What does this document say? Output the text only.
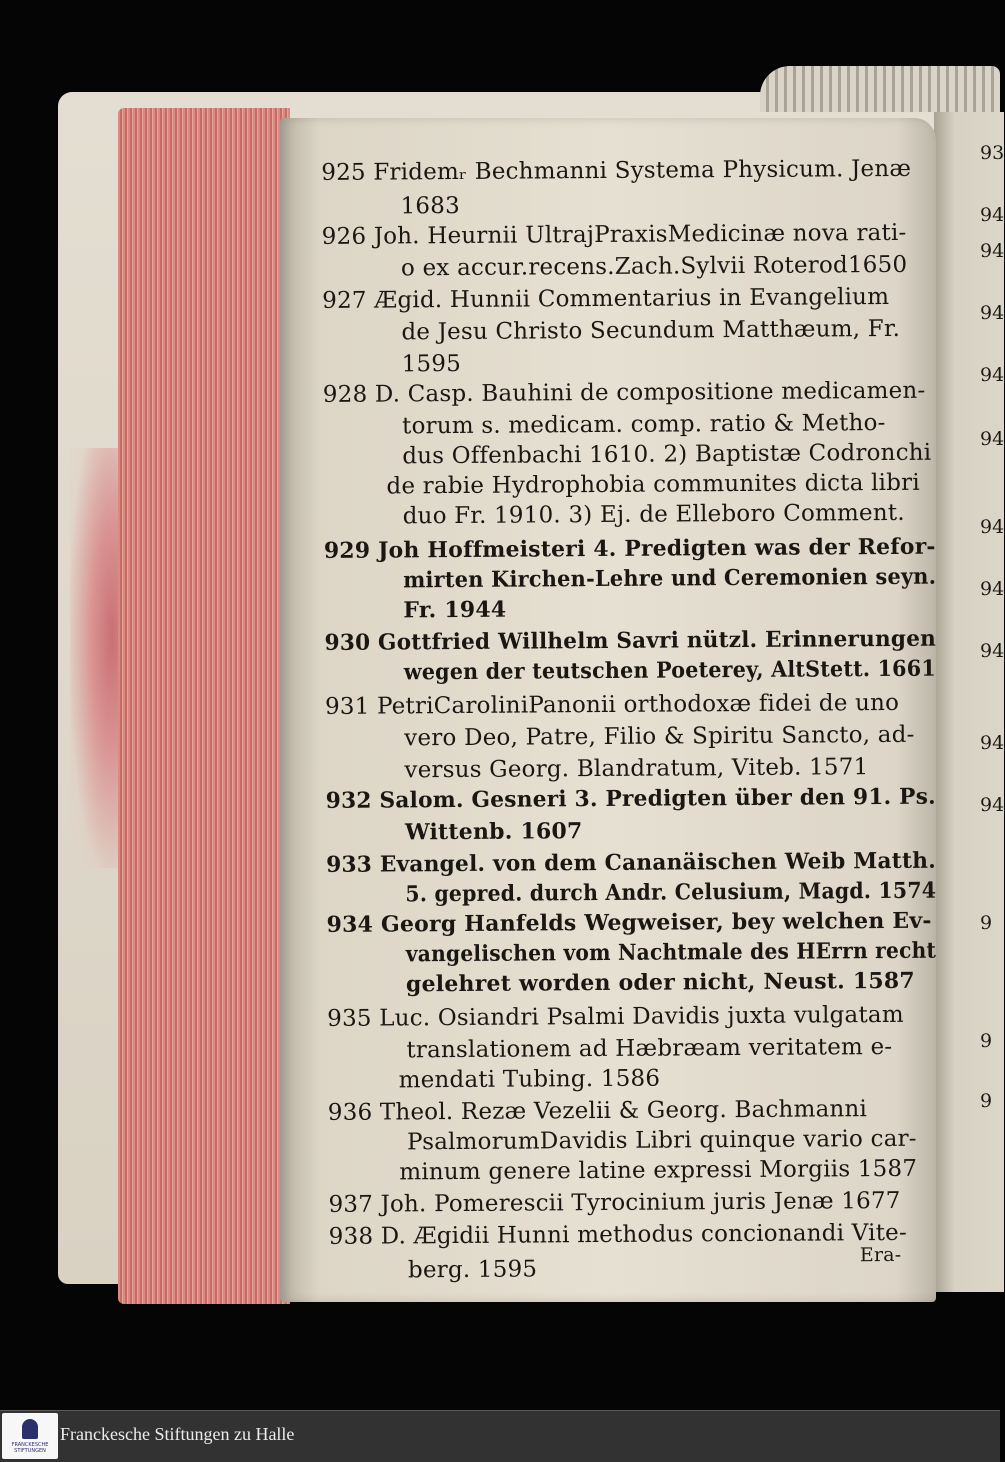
93
94
94
94
94
94
94
94
94
94
94
9
9
9
925 Fridemᵣ Bechmanni Systema Physicum. Jenæ
1683
926 Joh. Heurnii UltrajPraxisMedicinæ nova rati-
o ex accur.recens.Zach.Sylvii Roterod1650
927 Ægid. Hunnii Commentarius in Evangelium
de Jesu Christo Secundum Matthæum, Fr.
1595
928 D. Casp. Bauhini de compositione medicamen-
torum s. medicam. comp. ratio & Metho-
dus Offenbachi 1610. 2) Baptistæ Codronchi
de rabie Hydrophobia communites dicta libri
duo Fr. 1910. 3) Ej. de Elleboro Comment.
929 Joh Hoffmeisteri 4. Predigten was der Refor-
mirten Kirchen-Lehre und Ceremonien seyn.
Fr. 1944
930 Gottfried Willhelm Savri nützl. Erinnerungen
wegen der teutschen Poeterey, AltStett. 1661
931 PetriCaroliniPanonii orthodoxæ fidei de uno
vero Deo, Patre, Filio & Spiritu Sancto, ad-
versus Georg. Blandratum, Viteb. 1571
932 Salom. Gesneri 3. Predigten über den 91. Ps.
Wittenb. 1607
933 Evangel. von dem Cananäischen Weib Matth.
5. gepred. durch Andr. Celusium, Magd. 1574
934 Georg Hanfelds Wegweiser, bey welchen Ev-
vangelischen vom Nachtmale des HErrn recht
gelehret worden oder nicht, Neust. 1587
935 Luc. Osiandri Psalmi Davidis juxta vulgatam
translationem ad Hæbræam veritatem e-
mendati Tubing. 1586
936 Theol. Rezæ Vezelii & Georg. Bachmanni
PsalmorumDavidis Libri quinque vario car-
minum genere latine expressi Morgiis 1587
937 Joh. Pomerescii Tyrocinium juris Jenæ 1677
938 D. Ægidii Hunni methodus concionandi Vite-
berg. 1595
Era-
FRANCKESCHE STIFTUNGEN
Franckesche Stiftungen zu Halle
